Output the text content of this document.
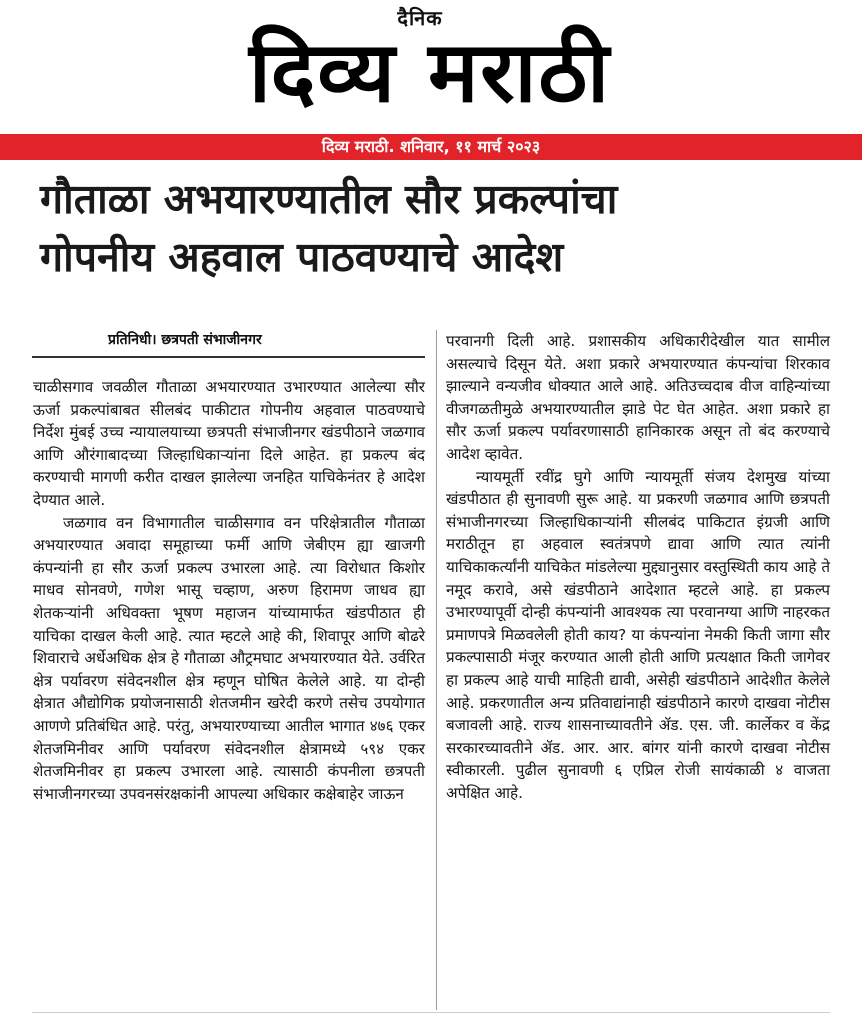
दैनिक
दिव्य मराठी
दिव्य मराठी. शनिवार, ११ मार्च २०२३
गौताळा अभयारण्यातील सौर प्रकल्पांचा
गोपनीय अहवाल पाठवण्याचे आदेश
प्रतिनिधी। छत्रपती संभाजीनगर

चाळीसगाव जवळील गौताळा अभयारण्यात उभारण्यात आलेल्या सौर ऊर्जा प्रकल्पांबाबत सीलबंद पाकीटात गोपनीय अहवाल पाठवण्याचे निर्देश मुंबई उच्च न्यायालयाच्या छत्रपती संभाजीनगर खंडपीठाने जळगाव आणि औरंगाबादच्या जिल्हाधिकाऱ्यांना दिले आहेत. हा प्रकल्प बंद करण्याची मागणी करीत दाखल झालेल्या जनहित याचिकेनंतर हे आदेश देण्यात आले.

जळगाव वन विभागातील चाळीसगाव वन परिक्षेत्रातील गौताळा अभयारण्यात अवादा समूहाच्या फर्मी आणि जेबीएम ह्या खाजगी कंपन्यांनी हा सौर ऊर्जा प्रकल्प उभारला आहे. त्या विरोधात किशोर माधव सोनवणे, गणेश भासू चव्हाण, अरुण हिरामण जाधव ह्या शेतकऱ्यांनी अधिवक्ता भूषण महाजन यांच्यामार्फत खंडपीठात ही याचिका दाखल केली आहे. त्यात म्हटले आहे की, शिवापूर आणि बोढरे शिवाराचे अर्धेअधिक क्षेत्र हे गौताळा औट्रमघाट अभयारण्यात येते. उर्वरित क्षेत्र पर्यावरण संवेदनशील क्षेत्र म्हणून घोषित केलेले आहे. या दोन्ही क्षेत्रात औद्योगिक प्रयोजनासाठी शेतजमीन खरेदी करणे तसेच उपयोगात आणणे प्रतिबंधित आहे. परंतु, अभयारण्याच्या आतील भागात ४७६ एकर शेतजमिनीवर आणि पर्यावरण संवेदनशील क्षेत्रामध्ये ५९४ एकर शेतजमिनीवर हा प्रकल्प उभारला आहे. त्यासाठी कंपनीला छत्रपती संभाजीनगरच्या उपवनसंरक्षकांनी आपल्या अधिकार कक्षेबाहेर जाऊन

परवानगी दिली आहे. प्रशासकीय अधिकारीदेखील यात सामील असल्याचे दिसून येते. अशा प्रकारे अभयारण्यात कंपन्यांचा शिरकाव झाल्याने वन्यजीव धोक्यात आले आहे. अतिउच्चदाब वीज वाहिन्यांच्या वीजगळतीमुळे अभयारण्यातील झाडे पेट घेत आहेत. अशा प्रकारे हा सौर ऊर्जा प्रकल्प पर्यावरणासाठी हानिकारक असून तो बंद करण्याचे आदेश व्हावेत.

न्यायमूर्ती रवींद्र घुगे आणि न्यायमूर्ती संजय देशमुख यांच्या खंडपीठात ही सुनावणी सुरू आहे. या प्रकरणी जळगाव आणि छत्रपती संभाजीनगरच्या जिल्हाधिकाऱ्यांनी सीलबंद पाकिटात इंग्रजी आणि मराठीतून हा अहवाल स्वतंत्रपणे द्यावा आणि त्यात त्यांनी याचिकाकर्त्यांनी याचिकेत मांडलेल्या मुद्द्यानुसार वस्तुस्थिती काय आहे ते नमूद करावे, असे खंडपीठाने आदेशात म्हटले आहे. हा प्रकल्प उभारण्यापूर्वी दोन्ही कंपन्यांनी आवश्यक त्या परवानग्या आणि नाहरकत प्रमाणपत्रे मिळवलेली होती काय? या कंपन्यांना नेमकी किती जागा सौर प्रकल्पासाठी मंजूर करण्यात आली होती आणि प्रत्यक्षात किती जागेवर हा प्रकल्प आहे याची माहिती द्यावी, असेही खंडपीठाने आदेशीत केलेले आहे. प्रकरणातील अन्य प्रतिवाद्यांनाही खंडपीठाने कारणे दाखवा नोटीस बजावली आहे. राज्य शासनाच्यावतीने ॲड. एस. जी. कार्लेकर व केंद्र सरकारच्यावतीने ॲड. आर. आर. बांगर यांनी कारणे दाखवा नोटीस स्वीकारली. पुढील सुनावणी ६ एप्रिल रोजी सायंकाळी ४ वाजता अपेक्षित आहे.
